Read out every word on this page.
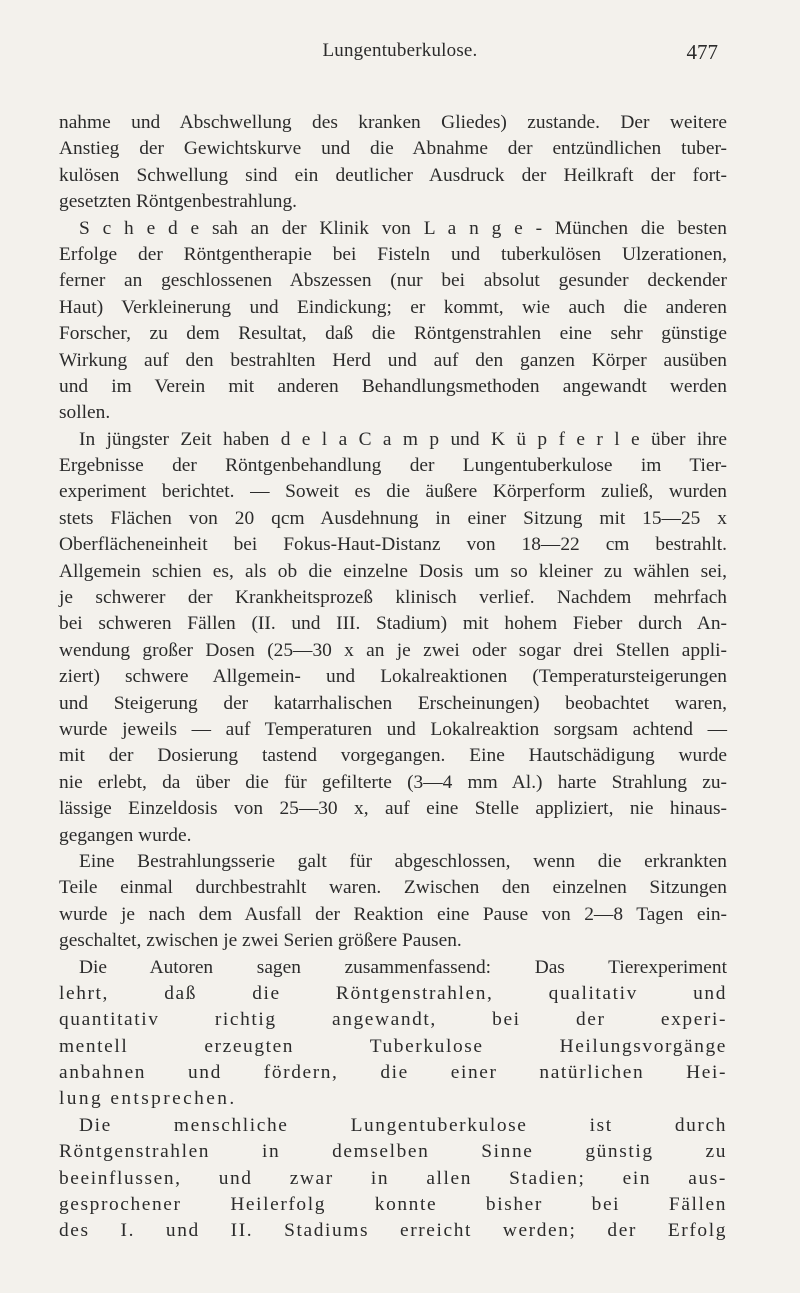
Lungentuberkulose.	477
nahme und Abschwellung des kranken Gliedes) zustande. Der weitere
Anstieg der Gewichtskurve und die Abnahme der entzündlichen tuber-
kulösen Schwellung sind ein deutlicher Ausdruck der Heilkraft der fort-
gesetzten Röntgenbestrahlung.
S c h e d e sah an der Klinik von L a n g e - München die besten
Erfolge der Röntgentherapie bei Fisteln und tuberkulösen Ulzerationen,
ferner an geschlossenen Abszessen (nur bei absolut gesunder deckender
Haut) Verkleinerung und Eindickung; er kommt, wie auch die anderen
Forscher, zu dem Resultat, daß die Röntgenstrahlen eine sehr günstige
Wirkung auf den bestrahlten Herd und auf den ganzen Körper ausüben
und im Verein mit anderen Behandlungsmethoden angewandt werden
sollen.
In jüngster Zeit haben d e l a C a m p und K ü p f e r l e über ihre
Ergebnisse der Röntgenbehandlung der Lungentuberkulose im Tier-
experiment berichtet. — Soweit es die äußere Körperform zuließ, wurden
stets Flächen von 20 qcm Ausdehnung in einer Sitzung mit 15—25 x
Oberflächeneinheit bei Fokus-Haut-Distanz von 18—22 cm bestrahlt.
Allgemein schien es, als ob die einzelne Dosis um so kleiner zu wählen sei,
je schwerer der Krankheitsprozeß klinisch verlief. Nachdem mehrfach
bei schweren Fällen (II. und III. Stadium) mit hohem Fieber durch An-
wendung großer Dosen (25—30 x an je zwei oder sogar drei Stellen appli-
ziert) schwere Allgemein- und Lokalreaktionen (Temperatursteigerungen
und Steigerung der katarrhalischen Erscheinungen) beobachtet waren,
wurde jeweils — auf Temperaturen und Lokalreaktion sorgsam achtend —
mit der Dosierung tastend vorgegangen. Eine Hautschädigung wurde
nie erlebt, da über die für gefilterte (3—4 mm Al.) harte Strahlung zu-
lässige Einzeldosis von 25—30 x, auf eine Stelle appliziert, nie hinaus-
gegangen wurde.
Eine Bestrahlungsserie galt für abgeschlossen, wenn die erkrankten
Teile einmal durchbestrahlt waren. Zwischen den einzelnen Sitzungen
wurde je nach dem Ausfall der Reaktion eine Pause von 2—8 Tagen ein-
geschaltet, zwischen je zwei Serien größere Pausen.
Die Autoren sagen zusammenfassend: Das Tierexperiment
lehrt, daß die Röntgenstrahlen, qualitativ und
quantitativ richtig angewandt, bei der experi-
mentell erzeugten Tuberkulose Heilungsvorgänge
anbahnen und fördern, die einer natürlichen Hei-
lung entsprechen.
Die menschliche Lungentuberkulose ist durch
Röntgenstrahlen in demselben Sinne günstig zu
beeinflussen, und zwar in allen Stadien; ein aus-
gesprochener Heilerfolg konnte bisher bei Fällen
des I. und II. Stadiums erreicht werden; der Erfolg
